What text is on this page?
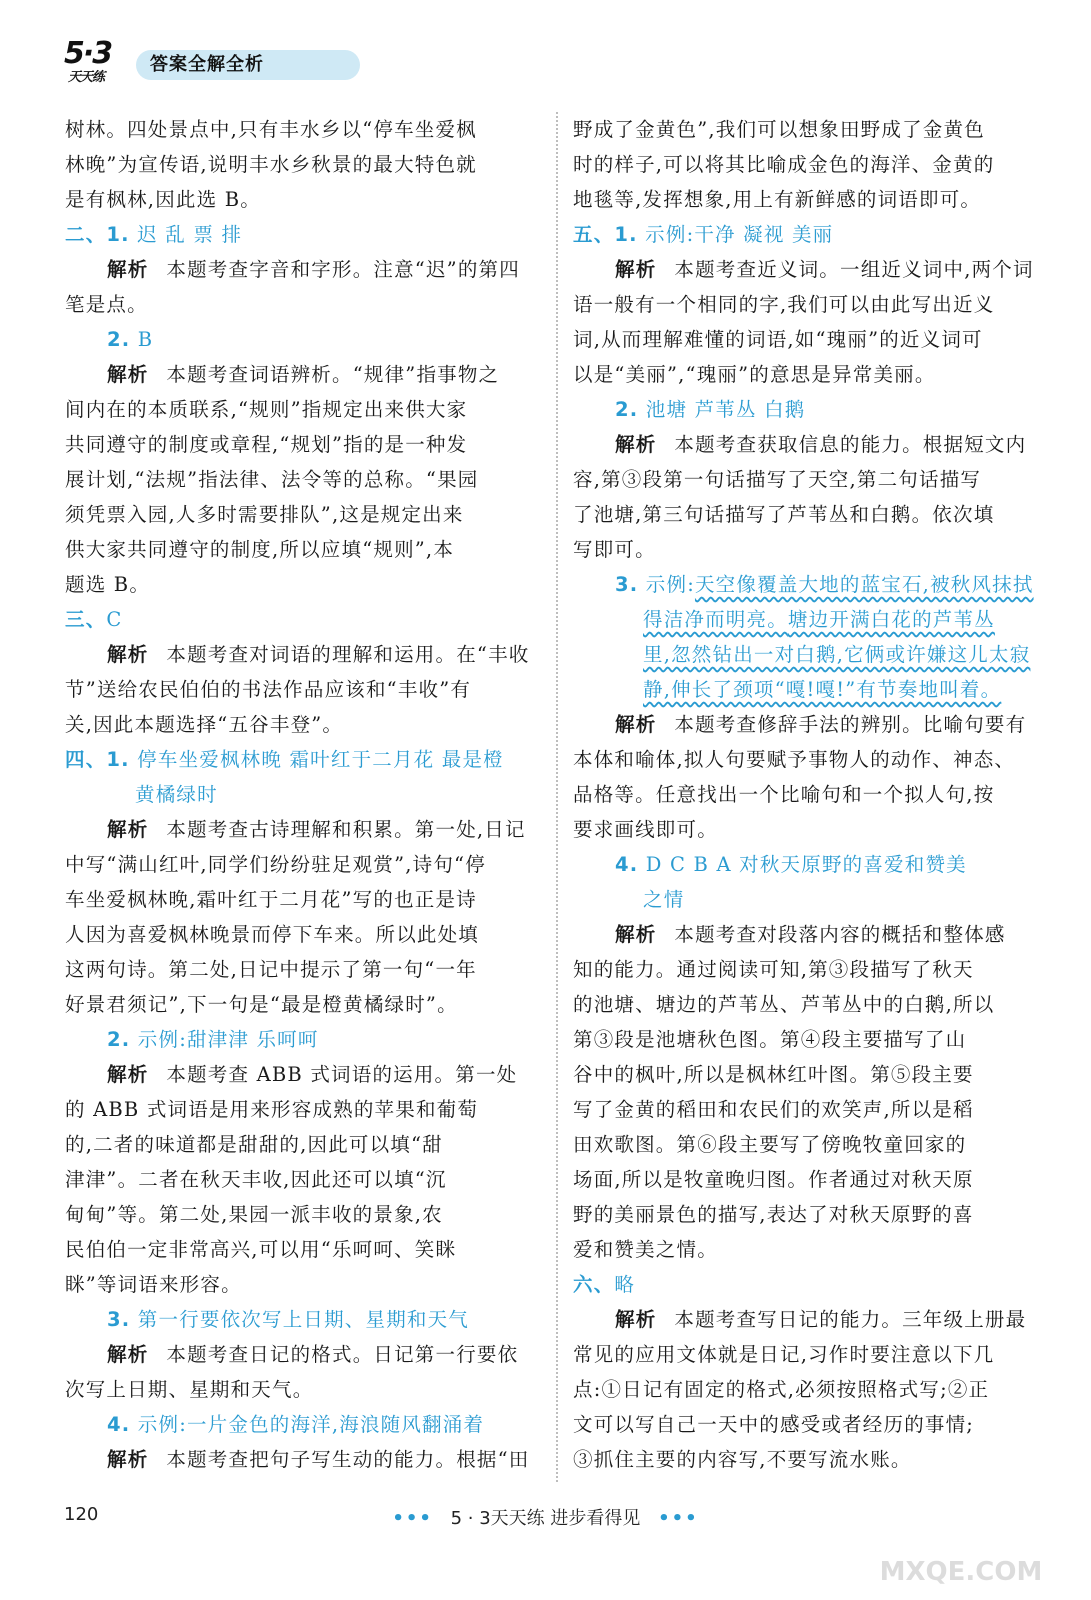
5·3
天天练
答案全解全析
树林。四处景点中,只有丰水乡以“停车坐爱枫
林晚”为宣传语,说明丰水乡秋景的最大特色就
是有枫林,因此选 B。
二、1. 迟 乱 票 排
解析 本题考查字音和字形。注意“迟”的第四
笔是点。
2. B
解析 本题考查词语辨析。“规律”指事物之
间内在的本质联系,“规则”指规定出来供大家
共同遵守的制度或章程,“规划”指的是一种发
展计划,“法规”指法律、法令等的总称。“果园
须凭票入园,人多时需要排队”,这是规定出来
供大家共同遵守的制度,所以应填“规则”,本
题选 B。
三、C
解析 本题考查对词语的理解和运用。在“丰收
节”送给农民伯伯的书法作品应该和“丰收”有
关,因此本题选择“五谷丰登”。
四、1. 停车坐爱枫林晚 霜叶红于二月花 最是橙
黄橘绿时
解析 本题考查古诗理解和积累。第一处,日记
中写“满山红叶,同学们纷纷驻足观赏”,诗句“停
车坐爱枫林晚,霜叶红于二月花”写的也正是诗
人因为喜爱枫林晚景而停下车来。所以此处填
这两句诗。第二处,日记中提示了第一句“一年
好景君须记”,下一句是“最是橙黄橘绿时”。
2. 示例:甜津津 乐呵呵
解析 本题考查 ABB 式词语的运用。第一处
的 ABB 式词语是用来形容成熟的苹果和葡萄
的,二者的味道都是甜甜的,因此可以填“甜
津津”。二者在秋天丰收,因此还可以填“沉
甸甸”等。第二处,果园一派丰收的景象,农
民伯伯一定非常高兴,可以用“乐呵呵、笑眯
眯”等词语来形容。
3. 第一行要依次写上日期、星期和天气
解析 本题考查日记的格式。日记第一行要依
次写上日期、星期和天气。
4. 示例:一片金色的海洋,海浪随风翻涌着
解析 本题考查把句子写生动的能力。根据“田
野成了金黄色”,我们可以想象田野成了金黄色
时的样子,可以将其比喻成金色的海洋、金黄的
地毯等,发挥想象,用上有新鲜感的词语即可。
五、1. 示例:干净 凝视 美丽
解析 本题考查近义词。一组近义词中,两个词
语一般有一个相同的字,我们可以由此写出近义
词,从而理解难懂的词语,如“瑰丽”的近义词可
以是“美丽”,“瑰丽”的意思是异常美丽。
2. 池塘 芦苇丛 白鹅
解析 本题考查获取信息的能力。根据短文内
容,第③段第一句话描写了天空,第二句话描写
了池塘,第三句话描写了芦苇丛和白鹅。依次填
写即可。
3. 示例:天空像覆盖大地的蓝宝石,被秋风抹拭
得洁净而明亮。塘边开满白花的芦苇丛
里,忽然钻出一对白鹅,它俩或许嫌这儿太寂
静,伸长了颈项“嘎!嘎!”有节奏地叫着。
解析 本题考查修辞手法的辨别。比喻句要有
本体和喻体,拟人句要赋予事物人的动作、神态、
品格等。任意找出一个比喻句和一个拟人句,按
要求画线即可。
4. D C B A 对秋天原野的喜爱和赞美
之情
解析 本题考查对段落内容的概括和整体感
知的能力。通过阅读可知,第③段描写了秋天
的池塘、塘边的芦苇丛、芦苇丛中的白鹅,所以
第③段是池塘秋色图。第④段主要描写了山
谷中的枫叶,所以是枫林红叶图。第⑤段主要
写了金黄的稻田和农民们的欢笑声,所以是稻
田欢歌图。第⑥段主要写了傍晚牧童回家的
场面,所以是牧童晚归图。作者通过对秋天原
野的美丽景色的描写,表达了对秋天原野的喜
爱和赞美之情。
六、略
解析 本题考查写日记的能力。三年级上册最
常见的应用文体就是日记,习作时要注意以下几
点:①日记有固定的格式,必须按照格式写;②正
文可以写自己一天中的感受或者经历的事情;
③抓住主要的内容写,不要写流水账。
120	••• 5 · 3天天练 进步看得见 •••
MXQE.COM
